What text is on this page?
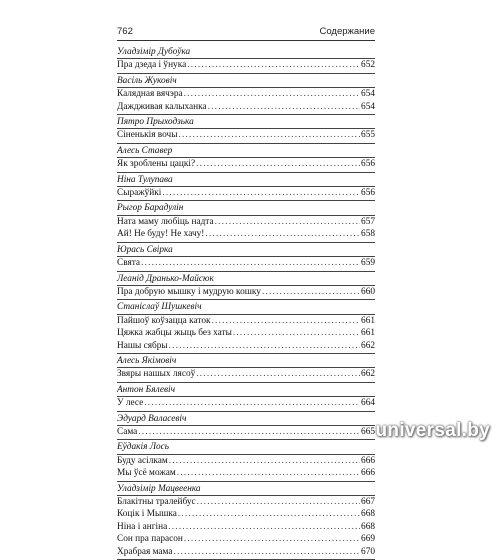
762	Содержание
Уладзімір Дубоўка
Пра дзеда і ўнука .....	652
Васіль Жуковіч
Калядная вячэра .....	654
Даждживая калыханка .....	654
Пятро Прыходзька
Сіненькія вочы .....	655
Алесь Ставер
Як зроблены цацкі? .....	656
Ніна Тулупава
Сыражўйкі .....	656
Рыгор Барадулін
Ната маму любіць надта .....	657
Ай! Не буду! Не хачу! .....	658
Юрась Свірка
Свята .....	659
Леанід Дранько-Майсюк
Пра добрую мышку і мудрую кошку .....	660
Станіслаў Шушкевіч
Пайшоў коўзацца каток .....	661
Цяжка жабцы жыць без хаты .....	661
Нашы сябры .....	662
Алесь Якімовіч
Звяры нашых лясоў .....	662
Антон Бялевіч
У лесе .....	664
Эдуард Валасевіч
Сама .....	665
Еўдакія Лось
Буду асілкам .....	666
Мы ўсё можам .....	666
Уладзімір Мацвеенка
Блакітны тралейбус .....	667
Коцік і Мышка .....	668
Ніна і ангіна .....	668
Сон пра парасон .....	669
Храбрая мама .....	670
universal.by
